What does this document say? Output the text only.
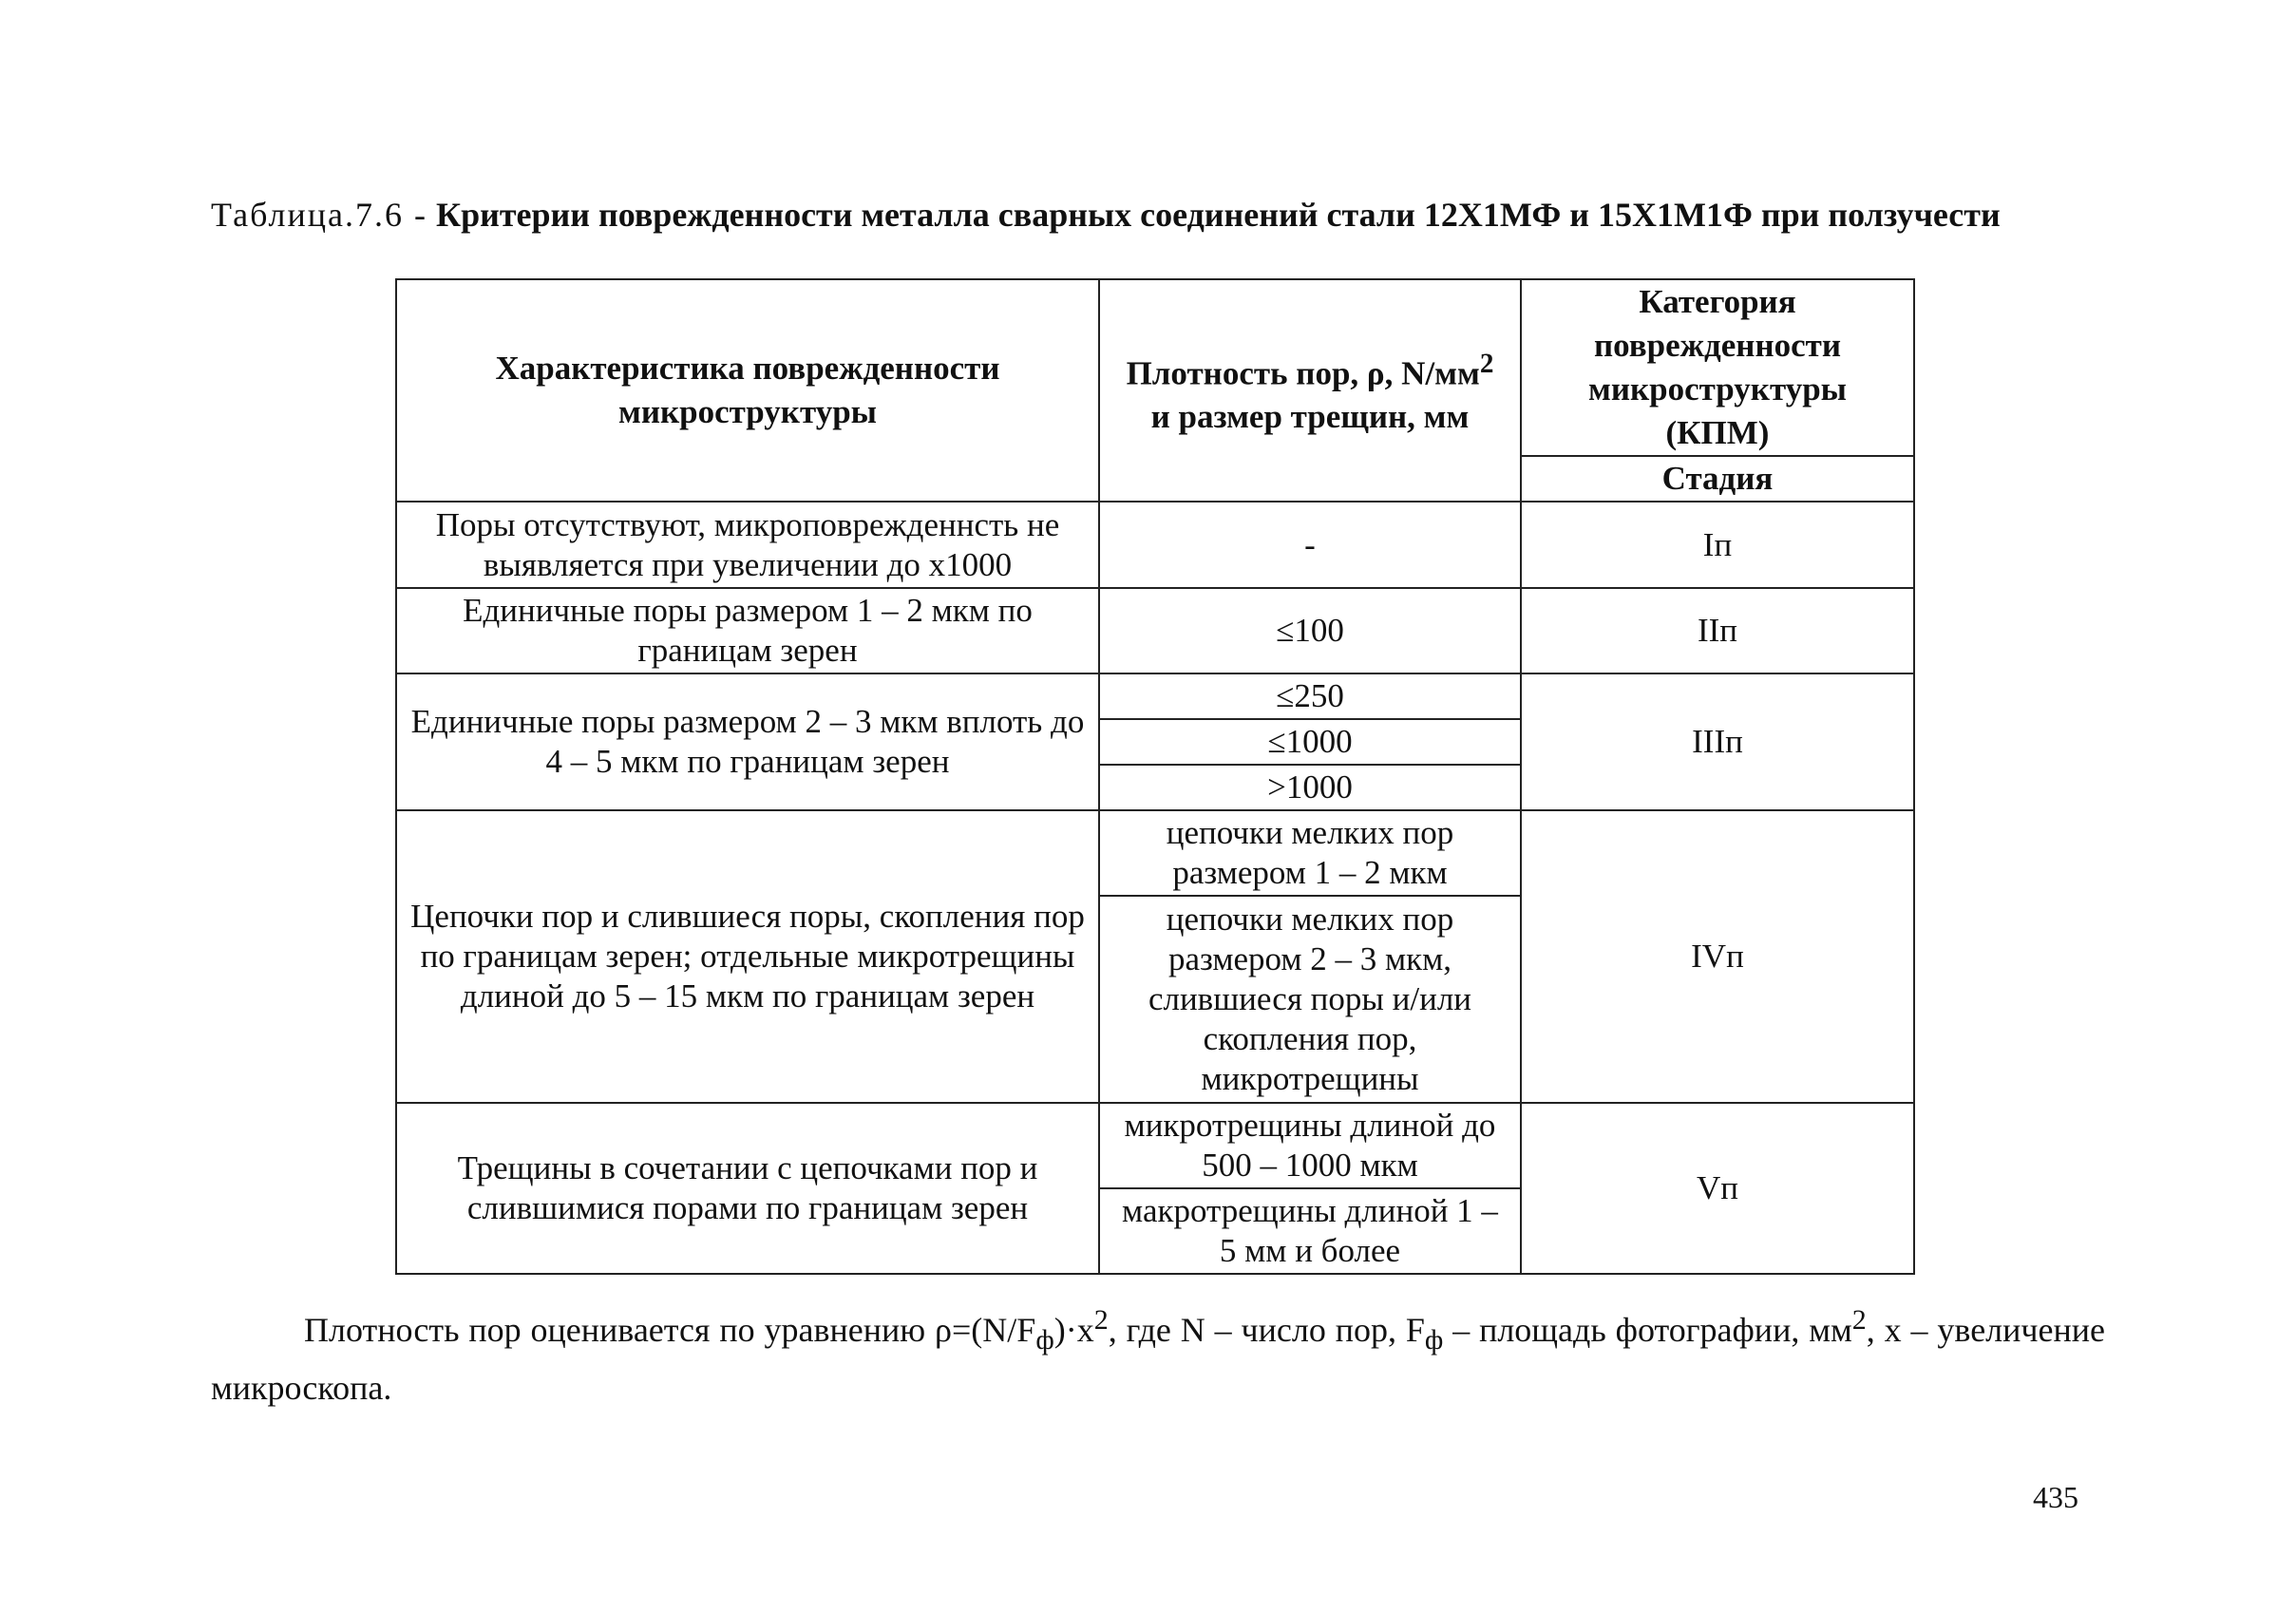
Таблица.7.6 - Критерии поврежденности металла сварных соединений стали 12Х1МФ и 15Х1М1Ф при ползучести
Характеристика поврежденности микроструктуры	Плотность пор, ρ, $N/мм^2$ и размер трещин, мм	Категория поврежденности микроструктуры (КПМ)
		Стадия
Поры отсутствуют, микроповрежденнсть не выявляется при увеличении до x1000	-	Iп
Единичные поры размером 1 – 2 мкм по границам зерен	≤100	IIп
Единичные поры размером 2 – 3 мкм вплоть до 4 – 5 мкм по границам зерен	≤250	IIIп
	≤1000	
	>1000	
Цепочки пор и слившиеся поры, скопления пор по границам зерен; отдельные микротрещины длиной до 5 – 15 мкм по границам зерен	цепочки мелких пор размером 1 – 2 мкм	IVп
	цепочки мелких пор размером 2 – 3 мкм, слившиеся поры и/или скопления пор, микротрещины	
Трещины в сочетании с цепочками пор и слившимися порами по границам зерен	микротрещины длиной до 500 – 1000 мкм	Vп
	макротрещины длиной 1 – 5 мм и более	
Плотность пор оценивается по уравнению $\rho=(N/F_ф)\cdot x^2$, где N – число пор, $F_ф$ – площадь фотографии, $мм^2$, x – увеличение микроскопа.
435
